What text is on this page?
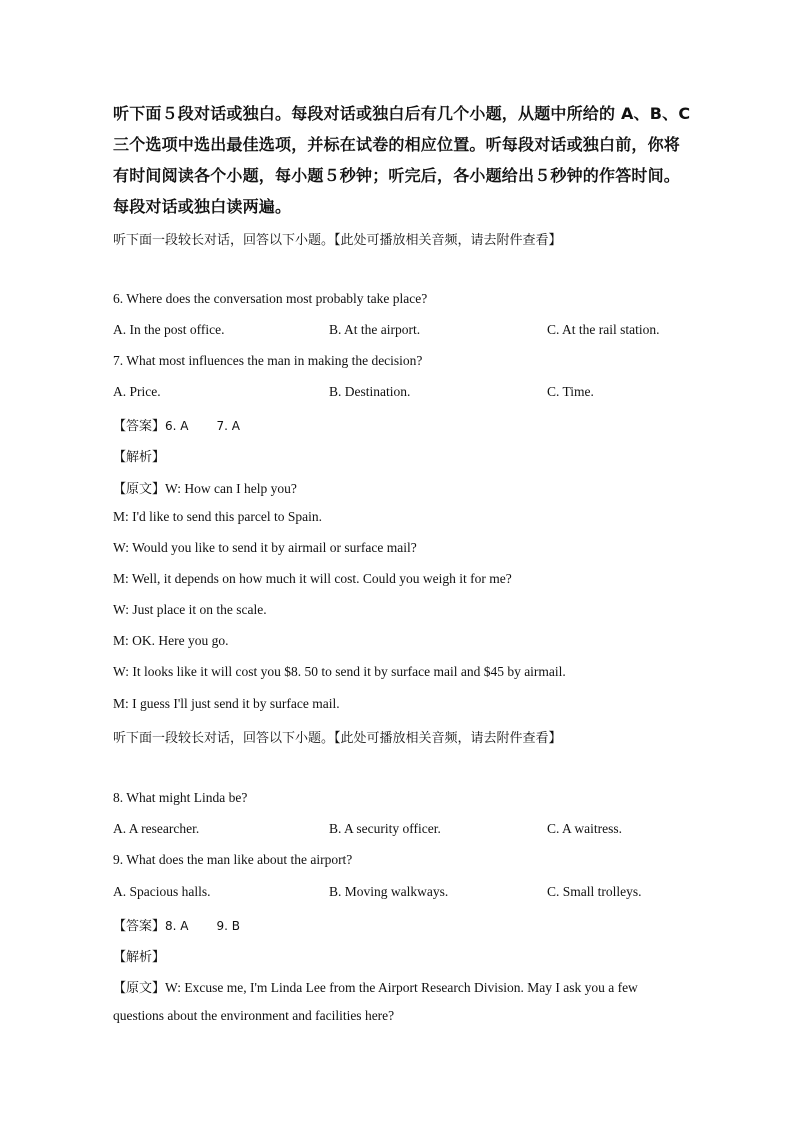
听下面５段对话或独白。每段对话或独白后有几个小题，从题中所给的 A、B、C
三个选项中选出最佳选项，并标在试卷的相应位置。听每段对话或独白前，你将
有时间阅读各个小题，每小题５秒钟；听完后，各小题给出５秒钟的作答时间。
每段对话或独白读两遍。
听下面一段较长对话，回答以下小题。【此处可播放相关音频，请去附件查看】
6. Where does the conversation most probably take place?
A. In the post office.	B. At the airport.	C. At the rail station.
7. What most influences the man in making the decision?
A. Price.	B. Destination.	C. Time.
【答案】6. A 7. A
【解析】
【原文】W: How can I help you?
M: I'd like to send this parcel to Spain.
W: Would you like to send it by airmail or surface mail?
M: Well, it depends on how much it will cost. Could you weigh it for me?
W: Just place it on the scale.
M: OK. Here you go.
W: It looks like it will cost you $8. 50 to send it by surface mail and $45 by airmail.
M: I guess I'll just send it by surface mail.
听下面一段较长对话，回答以下小题。【此处可播放相关音频，请去附件查看】
8. What might Linda be?
A. A researcher.	B. A security officer.	C. A waitress.
9. What does the man like about the airport?
A. Spacious halls.	B. Moving walkways.	C. Small trolleys.
【答案】8. A 9. B
【解析】
【原文】W: Excuse me, I'm Linda Lee from the Airport Research Division. May I ask you a few
questions about the environment and facilities here?
